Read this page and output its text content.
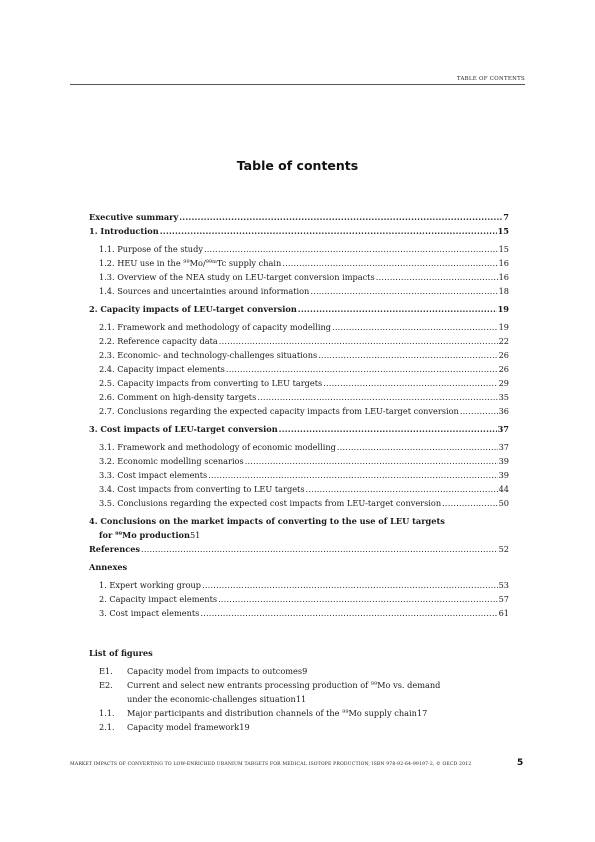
TABLE OF CONTENTS
Table of contents
Executive summary .....	7
1. Introduction .....	15
1.1. Purpose of the study .....	15
1.2. HEU use in the $^{99}$Mo/$^{99m}$Tc supply chain .....	16
1.3. Overview of the NEA study on LEU-target conversion impacts .....	16
1.4. Sources and uncertainties around information .....	18
2. Capacity impacts of LEU-target conversion .....	19
2.1. Framework and methodology of capacity modelling .....	19
2.2. Reference capacity data .....	22
2.3. Economic- and technology-challenges situations .....	26
2.4. Capacity impact elements .....	26
2.5. Capacity impacts from converting to LEU targets .....	29
2.6. Comment on high-density targets .....	35
2.7. Conclusions regarding the expected capacity impacts from LEU-target conversion .....	36
3. Cost impacts of LEU-target conversion .....	37
3.1. Framework and methodology of economic modelling .....	37
3.2. Economic modelling scenarios .....	39
3.3. Cost impact elements .....	39
3.4. Cost impacts from converting to LEU targets .....	44
3.5. Conclusions regarding the expected cost impacts from LEU-target conversion .....	50
4. Conclusions on the market impacts of converting to the use of LEU targets
for $^{99}$Mo production 51
References .....	52
Annexes
1. Expert working group .....	53
2. Capacity impact elements .....	57
3. Cost impact elements .....	61
List of figures
E1.	Capacity model from impacts to outcomes 9
E2.	Current and select new entrants processing production of $^{99}$Mo vs. demand
under the economic-challenges situation 11
1.1.	Major participants and distribution channels of the $^{99}$Mo supply chain 17
2.1.	Capacity model framework 19
MARKET IMPACTS OF CONVERTING TO LOW-ENRICHED URANIUM TARGETS FOR MEDICAL ISOTOPE PRODUCTION, ISBN 978-92-64-99197-2, © OECD 2012	5
